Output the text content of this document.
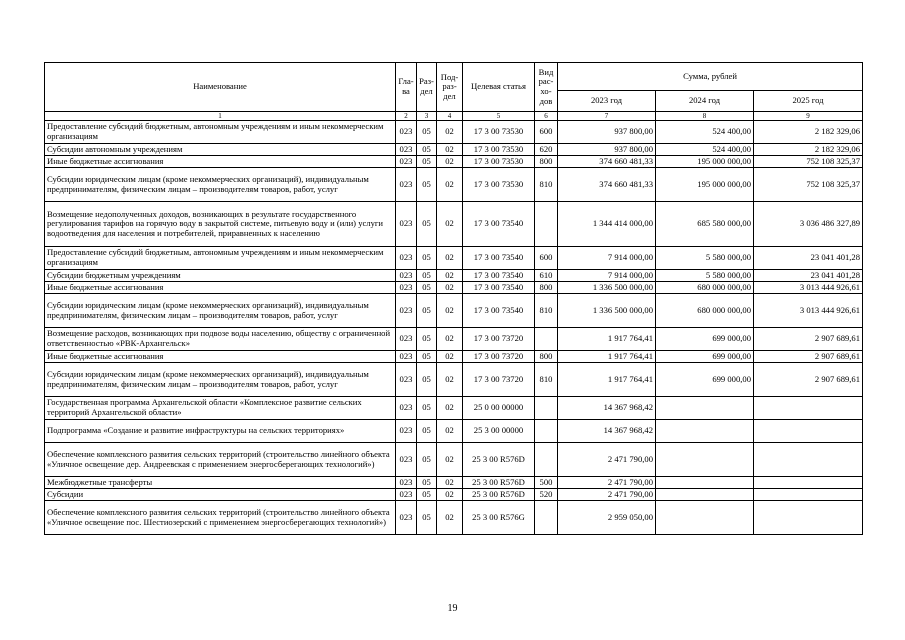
Наименование	Гла-ва	Раз-дел	Под-раз-дел	Целевая статья	Вид рас-хо-дов	Сумма, рублей		
						2023 год	2024 год	2025 год
1	2	3	4	5	6	7	8	9
Предоставление субсидий бюджетным, автономным учреждениям и иным некоммерческим организациям	023	05	02	17 3 00 73530	600	937 800,00	524 400,00	2 182 329,06
Субсидии автономным учреждениям	023	05	02	17 3 00 73530	620	937 800,00	524 400,00	2 182 329,06
Иные бюджетные ассигнования	023	05	02	17 3 00 73530	800	374 660 481,33	195 000 000,00	752 108 325,37
Субсидии юридическим лицам (кроме некоммерческих организаций), индивидуальным предпринимателям, физическим лицам – производителям товаров, работ, услуг	023	05	02	17 3 00 73530	810	374 660 481,33	195 000 000,00	752 108 325,37
Возмещение недополученных доходов, возникающих в результате государственного регулирования тарифов на горячую воду в закрытой системе, питьевую воду и (или) услуги водоотведения для населения и потребителей, приравненных к населению	023	05	02	17 3 00 73540		1 344 414 000,00	685 580 000,00	3 036 486 327,89
Предоставление субсидий бюджетным, автономным учреждениям и иным некоммерческим организациям	023	05	02	17 3 00 73540	600	7 914 000,00	5 580 000,00	23 041 401,28
Субсидии бюджетным учреждениям	023	05	02	17 3 00 73540	610	7 914 000,00	5 580 000,00	23 041 401,28
Иные бюджетные ассигнования	023	05	02	17 3 00 73540	800	1 336 500 000,00	680 000 000,00	3 013 444 926,61
Субсидии юридическим лицам (кроме некоммерческих организаций), индивидуальным предпринимателям, физическим лицам – производителям товаров, работ, услуг	023	05	02	17 3 00 73540	810	1 336 500 000,00	680 000 000,00	3 013 444 926,61
Возмещение расходов, возникающих при подвозе воды населению, обществу с ограниченной ответственностью «РВК-Архангельск»	023	05	02	17 3 00 73720		1 917 764,41	699 000,00	2 907 689,61
Иные бюджетные ассигнования	023	05	02	17 3 00 73720	800	1 917 764,41	699 000,00	2 907 689,61
Субсидии юридическим лицам (кроме некоммерческих организаций), индивидуальным предпринимателям, физическим лицам – производителям товаров, работ, услуг	023	05	02	17 3 00 73720	810	1 917 764,41	699 000,00	2 907 689,61
Государственная программа Архангельской области «Комплексное развитие сельских территорий Архангельской области»	023	05	02	25 0 00 00000		14 367 968,42		
Подпрограмма «Создание и развитие инфраструктуры на сельских территориях»	023	05	02	25 3 00 00000		14 367 968,42		
Обеспечение комплексного развития сельских территорий (строительство линейного объекта «Уличное освещение дер. Андреевская с применением энергосберегающих технологий»)	023	05	02	25 3 00 R576D		2 471 790,00		
Межбюджетные трансферты	023	05	02	25 3 00 R576D	500	2 471 790,00		
Субсидии	023	05	02	25 3 00 R576D	520	2 471 790,00		
Обеспечение комплексного развития сельских территорий (строительство линейного объекта «Уличное освещение пос. Шестиозерский с применением энергосберегающих технологий»)	023	05	02	25 3 00 R576G		2 959 050,00		
19
